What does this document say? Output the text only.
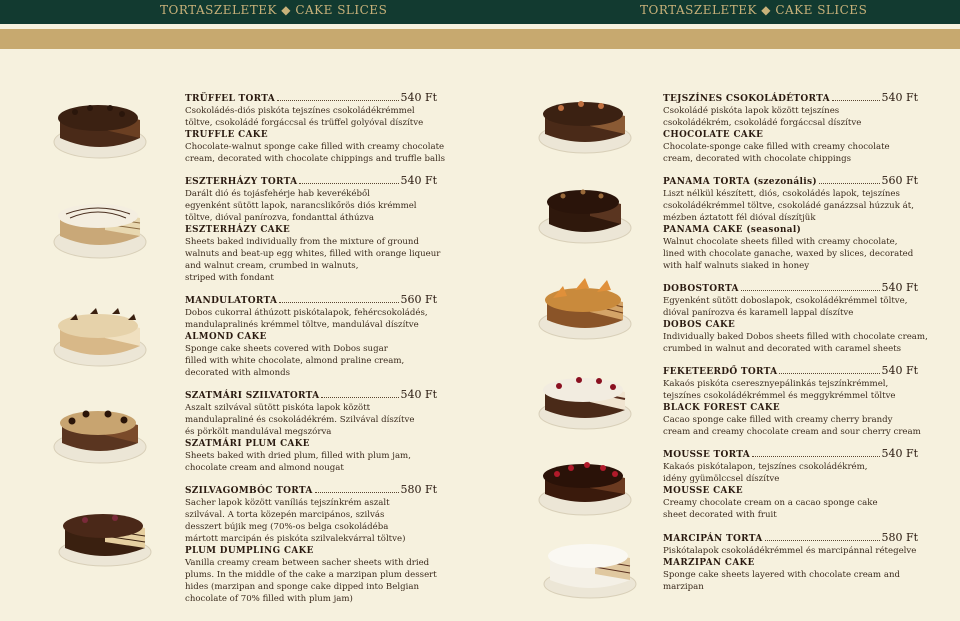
TORTASZELETEK ◆ CAKE SLICES	TORTASZELETEK ◆ CAKE SLICES
TRÜFFEL TORTA	540 Ft
Csokoládés-diós piskóta tejszínes csokoládékrémmel
töltve, csokoládé forgáccsal és trüffel golyóval díszítve
TRUFFLE CAKE
Chocolate-walnut sponge cake filled with creamy chocolate
cream, decorated with chocolate chippings and truffle balls
ESZTERHÁZY TORTA	540 Ft
Darált dió és tojásfehérje hab keverékéből
egyenként sütött lapok, narancslikőrös diós krémmel
töltve, dióval panírozva, fondanttal áthúzva
ESZTERHÁZY CAKE
Sheets baked individually from the mixture of ground
walnuts and beat-up egg whites, filled with orange liqueur
and walnut cream, crumbed in walnuts,
striped with fondant
MANDULATORTA	560 Ft
Dobos cukorral áthúzott piskótalapok, fehércsokoládés,
mandulapralinés krémmel töltve, mandulával díszítve
ALMOND CAKE
Sponge cake sheets covered with Dobos sugar
filled with white chocolate, almond praline cream,
decorated with almonds
SZATMÁRI SZILVATORTA	540 Ft
Aszalt szilvával sütött piskóta lapok között
mandulapraliné és csokoládékrém. Szilvával díszítve
és pörkölt mandulával megszórva
SZATMÁRI PLUM CAKE
Sheets baked with dried plum, filled with plum jam,
chocolate cream and almond nougat
SZILVAGOMBÓC TORTA	580 Ft
Sacher lapok között vaníliás tejszínkrém aszalt
szilvával. A torta közepén marcipános, szilvás
desszert bújik meg (70%-os belga csokoládéba
mártott marcipán és piskóta szilvalekvárral töltve)
PLUM DUMPLING CAKE
Vanilla creamy cream between sacher sheets with dried
plums. In the middle of the cake a marzipan plum dessert
hides (marzipan and sponge cake dipped into Belgian
chocolate of 70% filled with plum jam)
TEJSZÍNES CSOKOLÁDÉTORTA	540 Ft
Csokoládé piskóta lapok között tejszínes
csokoládékrém, csokoládé forgáccsal díszítve
CHOCOLATE CAKE
Chocolate-sponge cake filled with creamy chocolate
cream, decorated with chocolate chippings
PANAMA TORTA (szezonális)	560 Ft
Liszt nélkül készített, diós, csokoládés lapok, tejszínes
csokoládékrémmel töltve, csokoládé ganázzsal húzzuk át,
mézben áztatott fél dióval díszítjük
PANAMA CAKE (seasonal)
Walnut chocolate sheets filled with creamy chocolate,
lined with chocolate ganache, waxed by slices, decorated
with half walnuts siaked in honey
DOBOSTORTA	540 Ft
Egyenként sütött doboslapok, csokoládékrémmel töltve,
dióval panírozva és karamell lappal díszítve
DOBOS CAKE
Individually baked Dobos sheets filled with chocolate cream,
crumbed in walnut and decorated with caramel sheets
FEKETEERDŐ TORTA	540 Ft
Kakaós piskóta cseresznyepálinkás tejszínkrémmel,
tejszínes csokoládékrémmel és meggykrémmel töltve
BLACK FOREST CAKE
Cacao sponge cake filled with creamy cherry brandy
cream and creamy chocolate cream and sour cherry cream
MOUSSE TORTA	540 Ft
Kakaós piskótalapon, tejszínes csokoládékrém,
idény gyümölccsel díszítve
MOUSSE CAKE
Creamy chocolate cream on a cacao sponge cake
sheet decorated with fruit
MARCIPÁN TORTA	580 Ft
Piskótalapok csokoládékrémmel és marcipánnal rétegelve
MARZIPAN CAKE
Sponge cake sheets layered with chocolate cream and
marzipan
